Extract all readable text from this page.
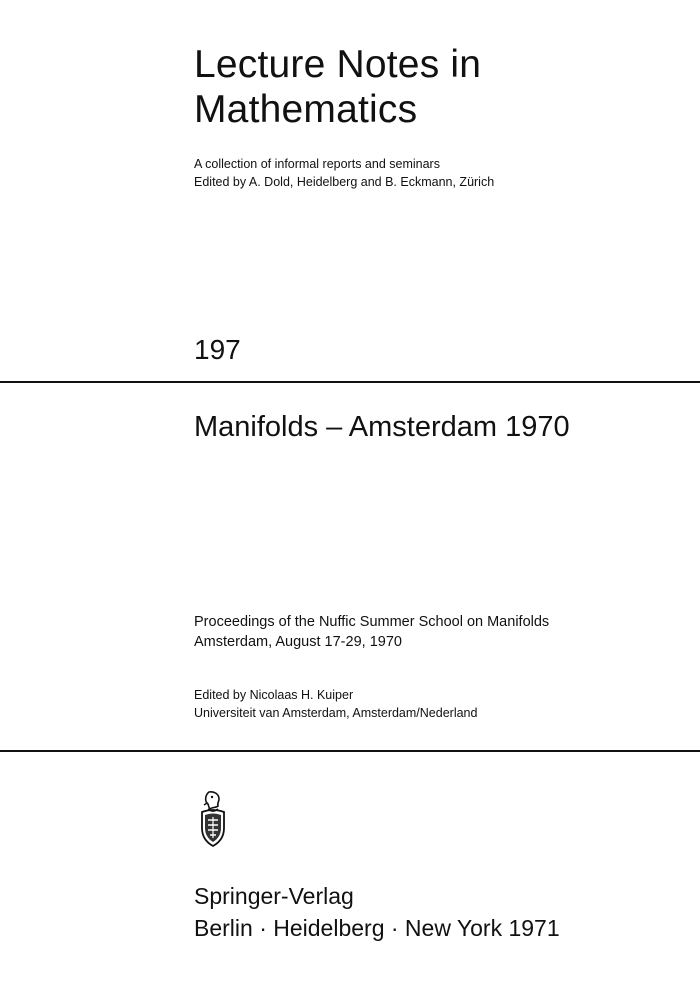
Lecture Notes in
Mathematics
A collection of informal reports and seminars
Edited by A. Dold, Heidelberg and B. Eckmann, Zürich
197
Manifolds – Amsterdam 1970
Proceedings of the Nuffic Summer School on Manifolds
Amsterdam, August 17-29, 1970
Edited by Nicolaas H. Kuiper
Universiteit van Amsterdam, Amsterdam/Nederland
Springer-Verlag
Berlin · Heidelberg · New York 1971
